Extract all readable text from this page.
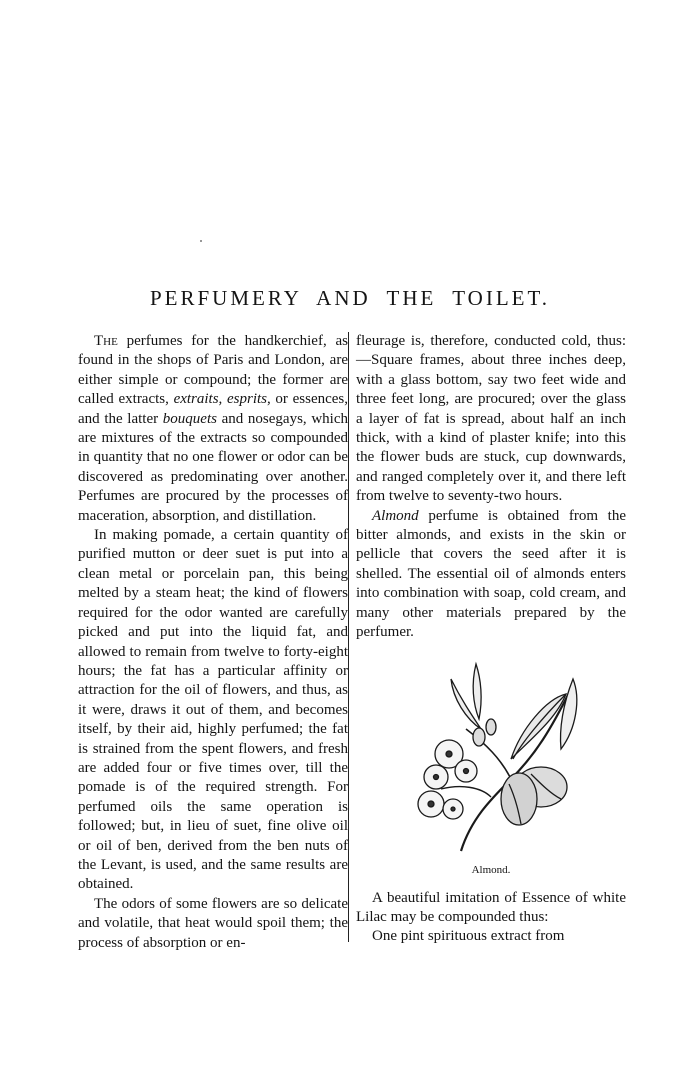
PERFUMERY AND THE TOILET.

The perfumes for the handkerchief, as found in the shops of Paris and London, are either simple or compound; the former are called extracts, extraits, esprits, or essences, and the latter bouquets and nosegays, which are mixtures of the extracts so compounded in quantity that no one flower or odor can be discovered as predominating over another. Perfumes are procured by the processes of maceration, absorption, and distillation.

In making pomade, a certain quantity of purified mutton or deer suet is put into a clean metal or porcelain pan, this being melted by a steam heat; the kind of flowers required for the odor wanted are carefully picked and put into the liquid fat, and allowed to remain from twelve to forty-eight hours; the fat has a particular affinity or attraction for the oil of flowers, and thus, as it were, draws it out of them, and becomes itself, by their aid, highly perfumed; the fat is strained from the spent flowers, and fresh are added four or five times over, till the pomade is of the required strength. For perfumed oils the same operation is followed; but, in lieu of suet, fine olive oil or oil of ben, derived from the ben nuts of the Levant, is used, and the same results are obtained.

The odors of some flowers are so delicate and volatile, that heat would spoil them; the process of absorption or en-

fleurage is, therefore, conducted cold, thus:—Square frames, about three inches deep, with a glass bottom, say two feet wide and three feet long, are procured; over the glass a layer of fat is spread, about half an inch thick, with a kind of plaster knife; into this the flower buds are stuck, cup downwards, and ranged completely over it, and there left from twelve to seventy-two hours.

Almond perfume is obtained from the bitter almonds, and exists in the skin or pellicle that covers the seed after it is shelled. The essential oil of almonds enters into combination with soap, cold cream, and many other materials prepared by the perfumer.

Almond.

A beautiful imitation of Essence of white Lilac may be compounded thus:

One pint spirituous extract from
